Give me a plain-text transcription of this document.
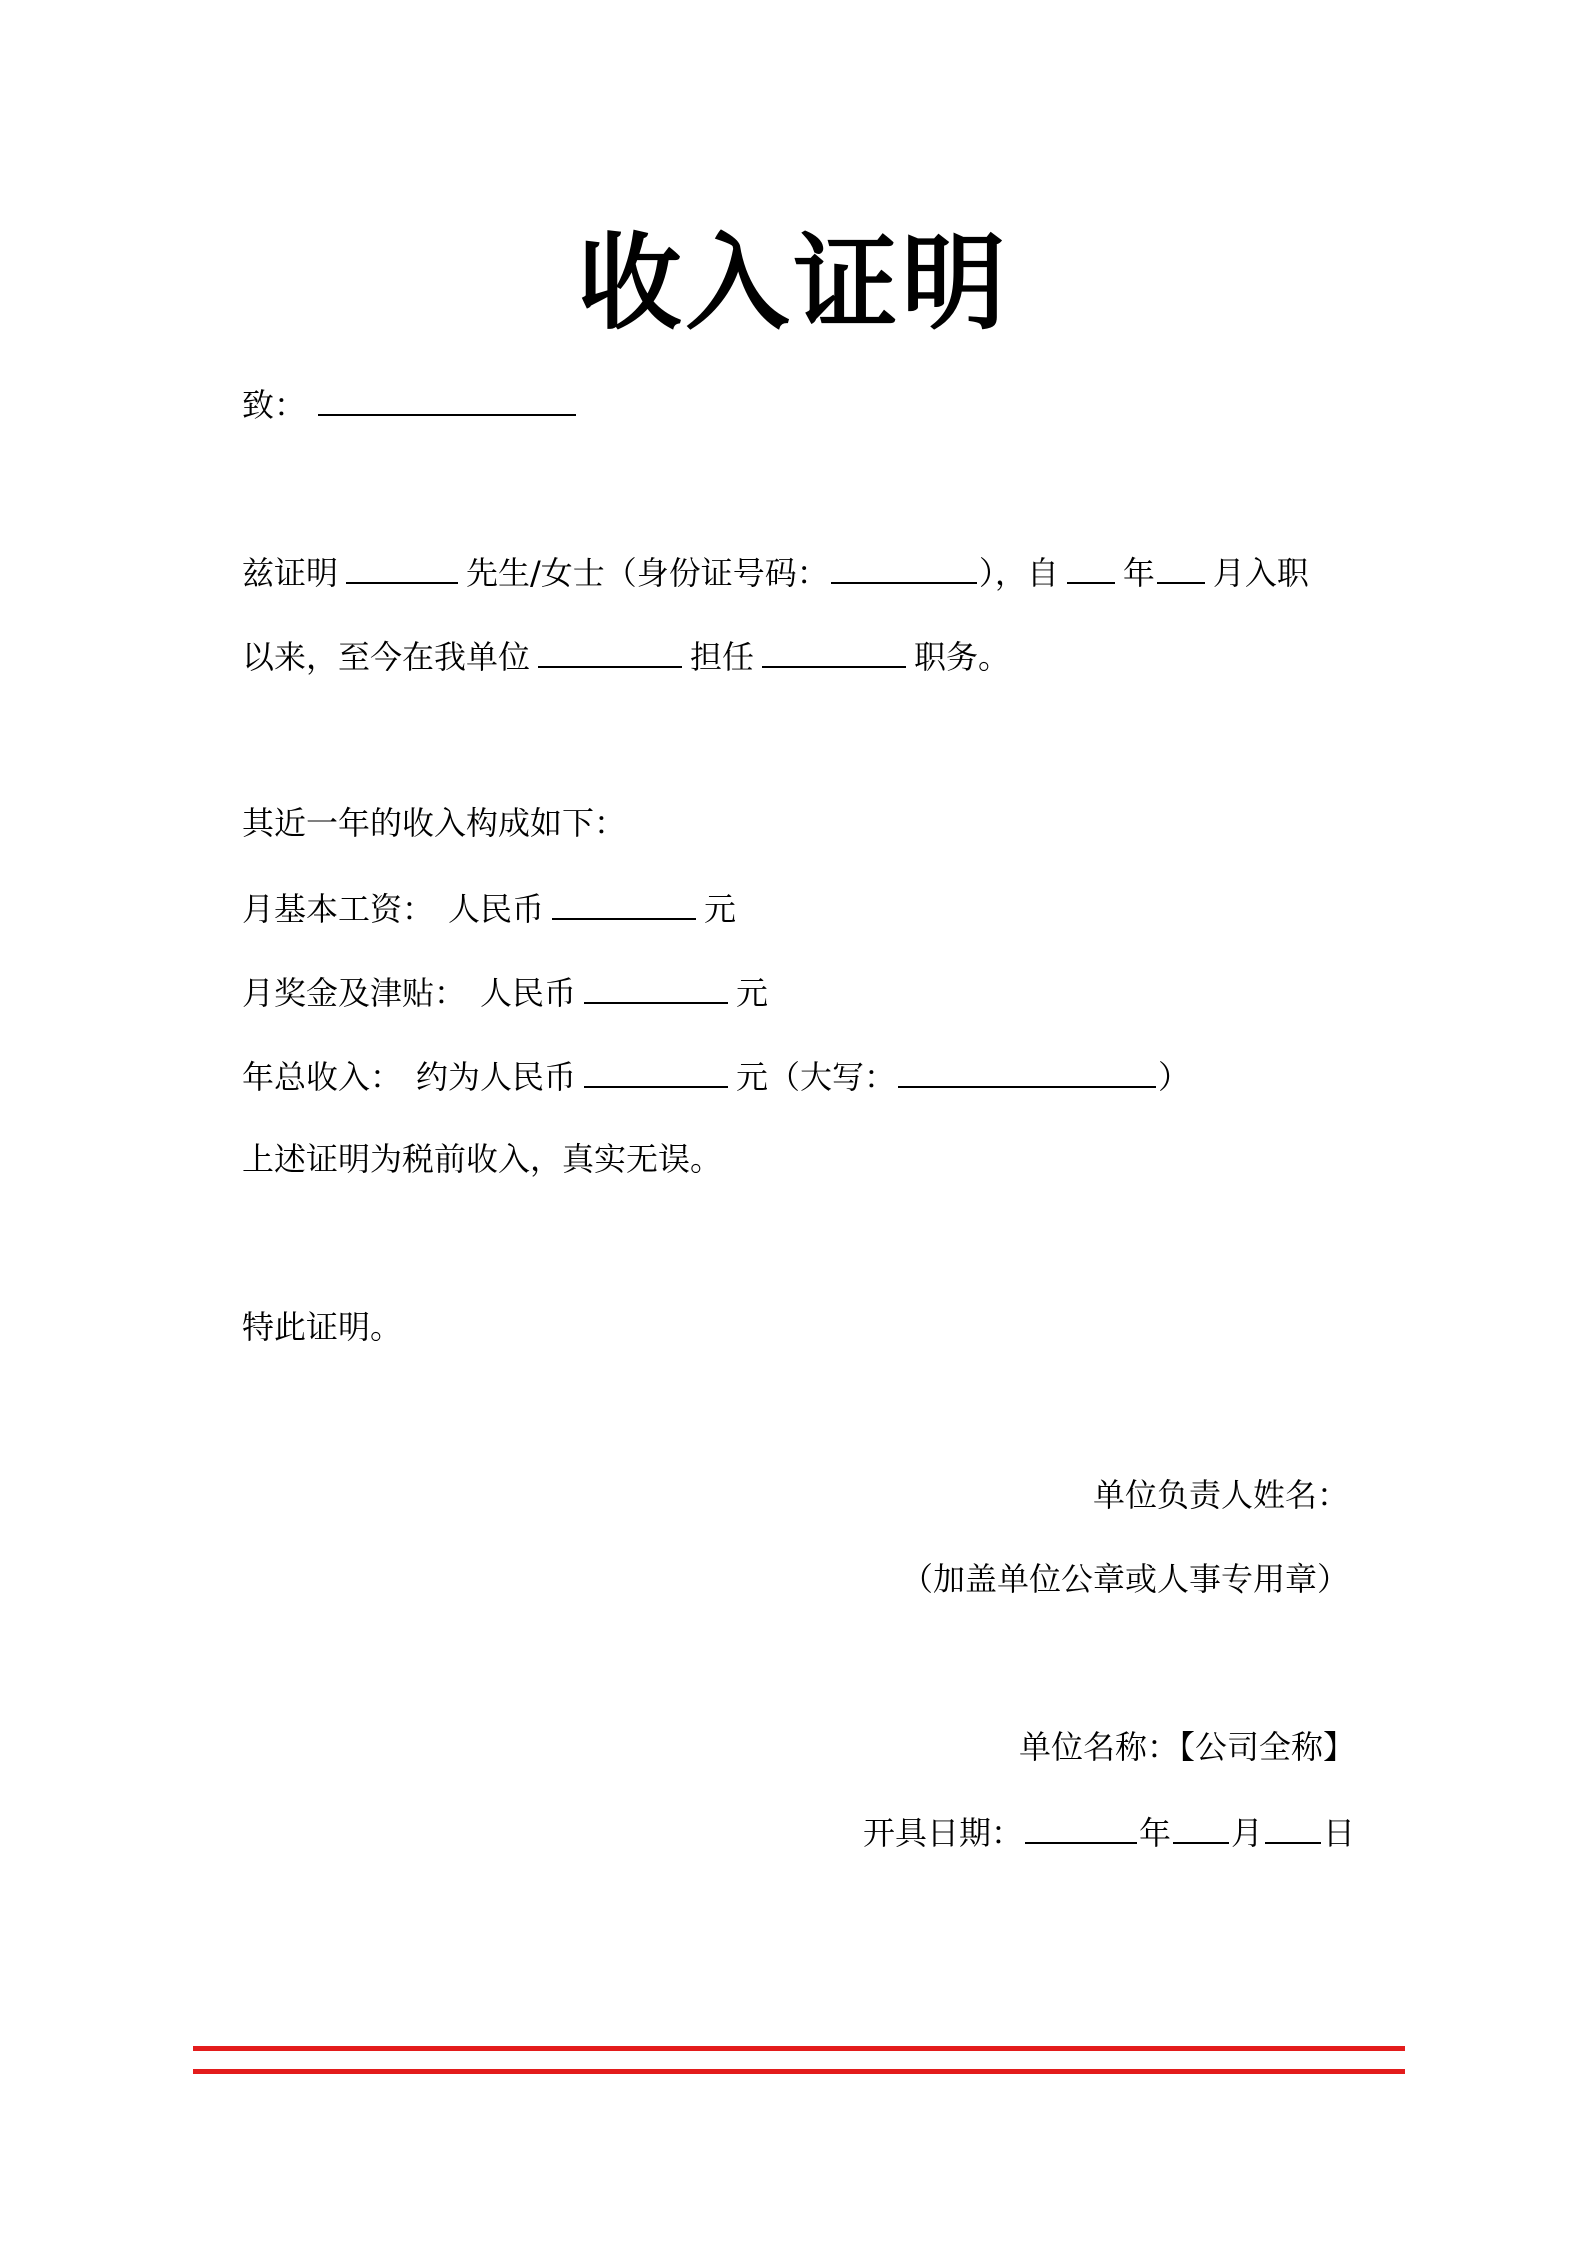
收入证明
致：
兹证明	先生/女士（身份证号码：	），自 年 月入职
以来，至今在我单位	担任	职务。
其近一年的收入构成如下：
月基本工资： 人民币	元
月奖金及津贴： 人民币	元
年总收入： 约为人民币	元（大写：	）
上述证明为税前收入，真实无误。
特此证明。
单位负责人姓名：
（加盖单位公章或人事专用章）
单位名称：【公司全称】
开具日期：	年 月 日
